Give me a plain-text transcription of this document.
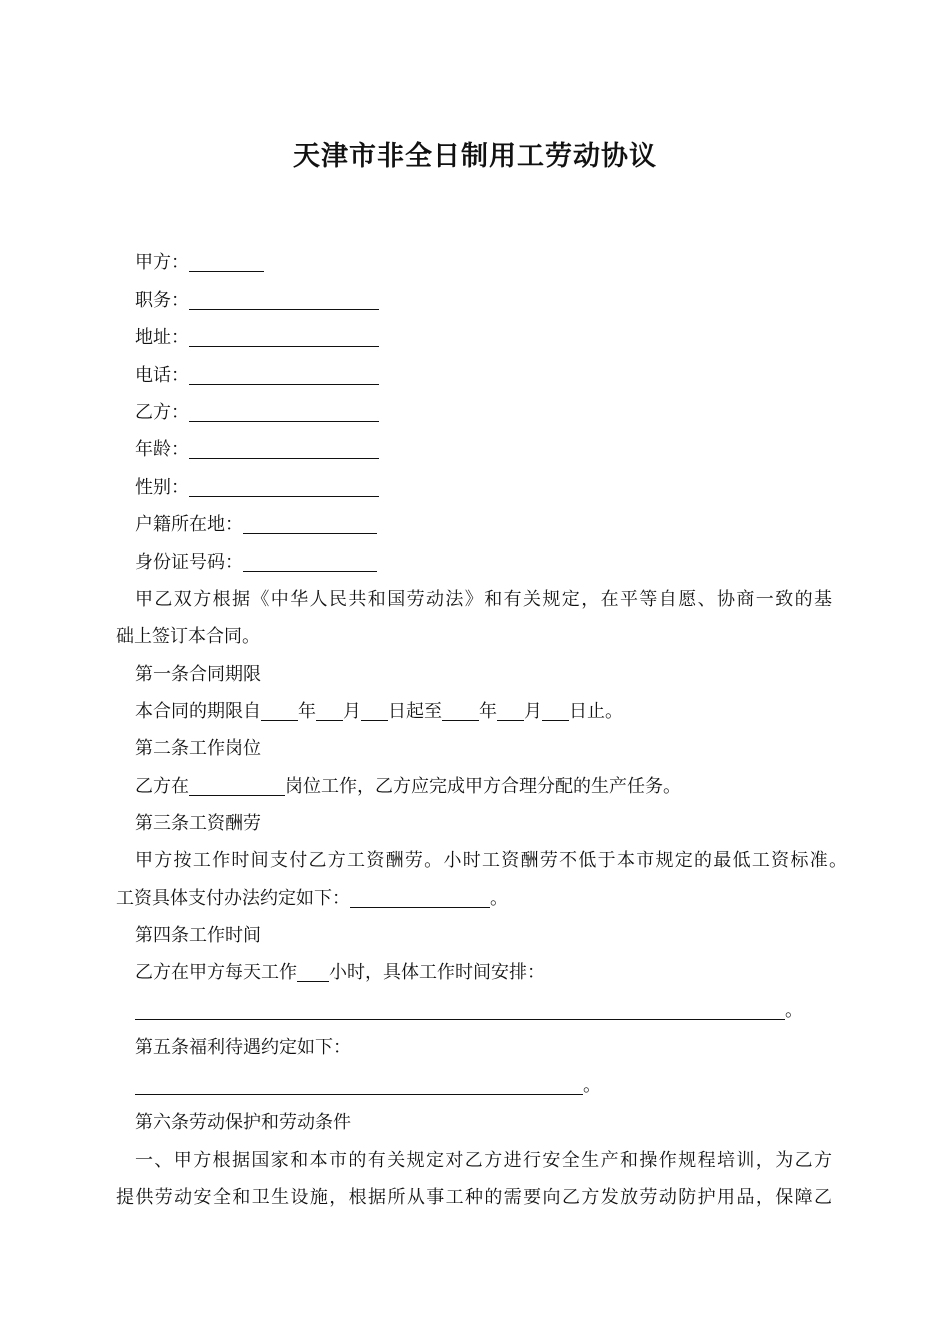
天津市非全日制用工劳动协议
甲方：
职务：
地址：
电话：
乙方：
年龄：
性别：
户籍所在地：
身份证号码：
甲乙双方根据《中华人民共和国劳动法》和有关规定，在平等自愿、协商一致的基
础上签订本合同。
第一条合同期限
本合同的期限自 年 月 日起至 年 月 日止。
第二条工作岗位
乙方在	岗位工作，乙方应完成甲方合理分配的生产任务。
第三条工资酬劳
甲方按工作时间支付乙方工资酬劳。小时工资酬劳不低于本市规定的最低工资标准。
工资具体支付办法约定如下：	。
第四条工作时间
乙方在甲方每天工作 小时，具体工作时间安排：
。
第五条福利待遇约定如下：
。
第六条劳动保护和劳动条件
一、甲方根据国家和本市的有关规定对乙方进行安全生产和操作规程培训，为乙方
提供劳动安全和卫生设施，根据所从事工种的需要向乙方发放劳动防护用品，保障乙
